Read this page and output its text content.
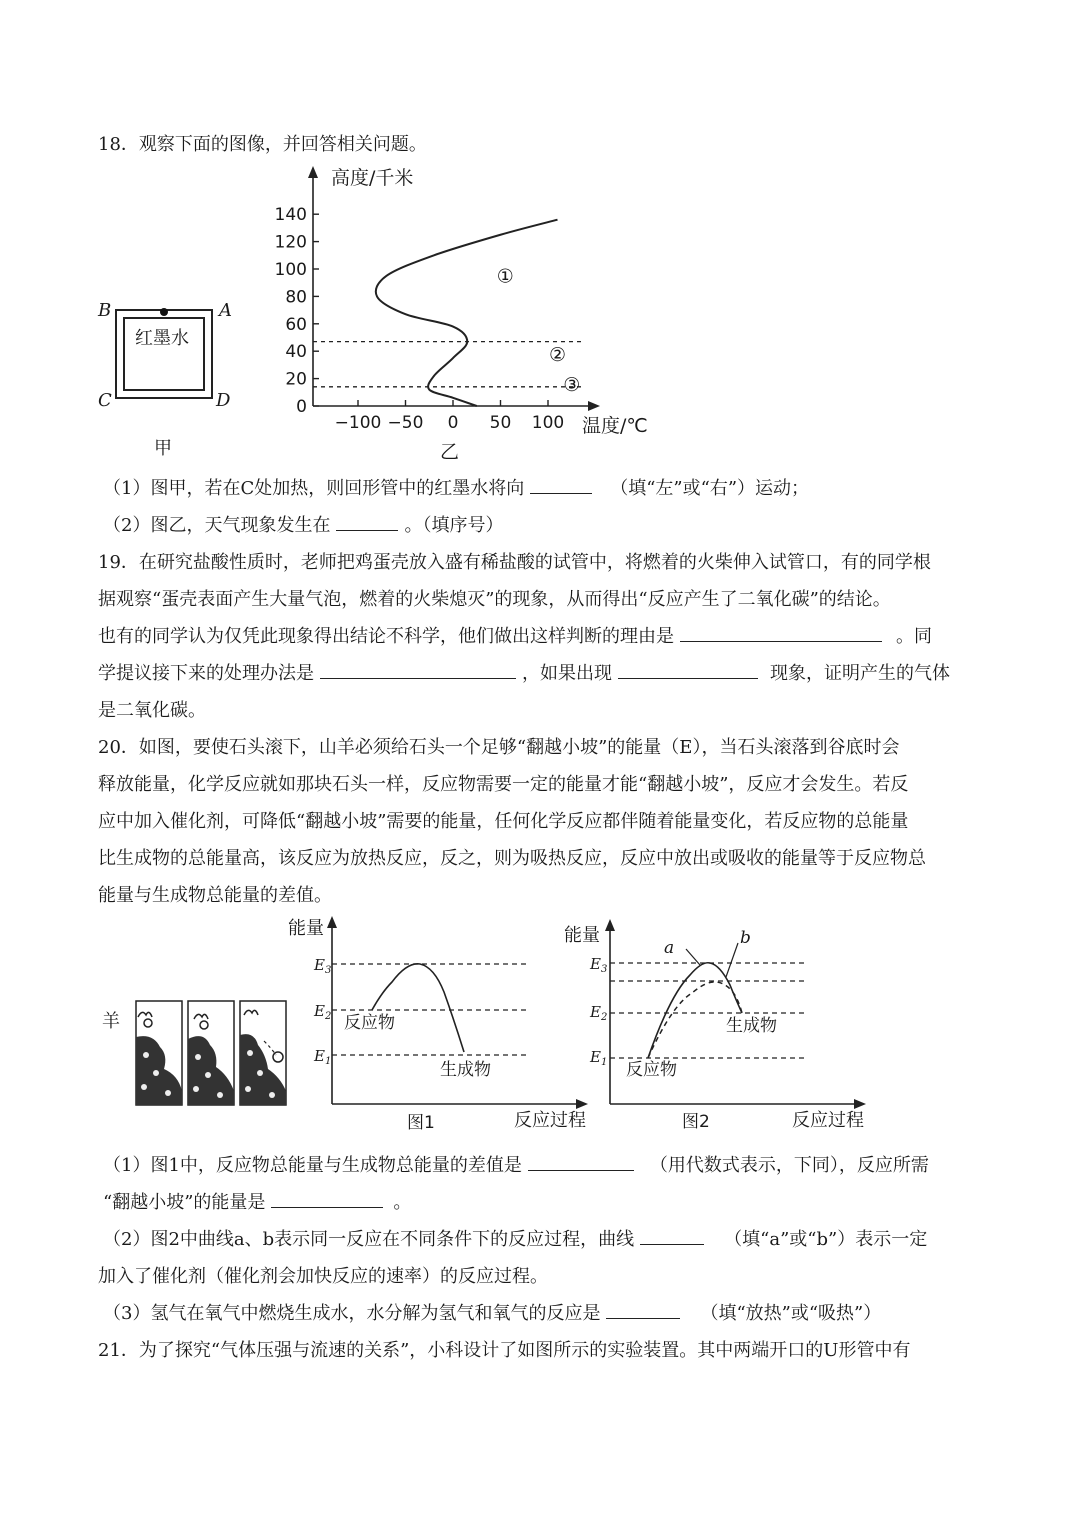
18．观察下面的图像，并回答相关问题。
B	A
C	D
红墨水
甲
0
20
40
60
80
100
120
140
−100 −50 0 50 100
高度/千米
温度/℃
乙
①
②
③
（1）图甲，若在C处加热，则回形管中的红墨水将向	（填“左”或“右”）运动；
（2）图乙，天气现象发生在	。（填序号）
19．在研究盐酸性质时，老师把鸡蛋壳放入盛有稀盐酸的试管中，将燃着的火柴伸入试管口，有的同学根
据观察“蛋壳表面产生大量气泡，燃着的火柴熄灭”的现象，从而得出“反应产生了二氧化碳”的结论。
也有的同学认为仅凭此现象得出结论不科学，他们做出这样判断的理由是	。同
学提议接下来的处理办法是	，如果出现	现象，证明产生的气体
是二氧化碳。
20．如图，要使石头滚下，山羊必须给石头一个足够“翻越小坡”的能量（E），当石头滚落到谷底时会
释放能量，化学反应就如那块石头一样，反应物需要一定的能量才能“翻越小坡”，反应才会发生。若反
应中加入催化剂，可降低“翻越小坡”需要的能量，任何化学反应都伴随着能量变化，若反应物的总能量
比生成物的总能量高，该反应为放热反应，反之，则为吸热反应，反应中放出或吸收的能量等于反应物总
能量与生成物总能量的差值。
羊
能量
$E_3$
$E_2$
$E_1$
反应物
生成物
图1	反应过程
能量
a	b
$E_3$
$E_2$
$E_1$
生成物
反应物
图2	反应过程
（1）图1中，反应物总能量与生成物总能量的差值是	（用代数式表示，下同），反应所需
“翻越小坡”的能量是	。
（2）图2中曲线a、b表示同一反应在不同条件下的反应过程，曲线	（填“a”或“b”）表示一定
加入了催化剂（催化剂会加快反应的速率）的反应过程。
（3）氢气在氧气中燃烧生成水，水分解为氢气和氧气的反应是	（填“放热”或“吸热”）
21．为了探究“气体压强与流速的关系”，小科设计了如图所示的实验装置。其中两端开口的U形管中有
